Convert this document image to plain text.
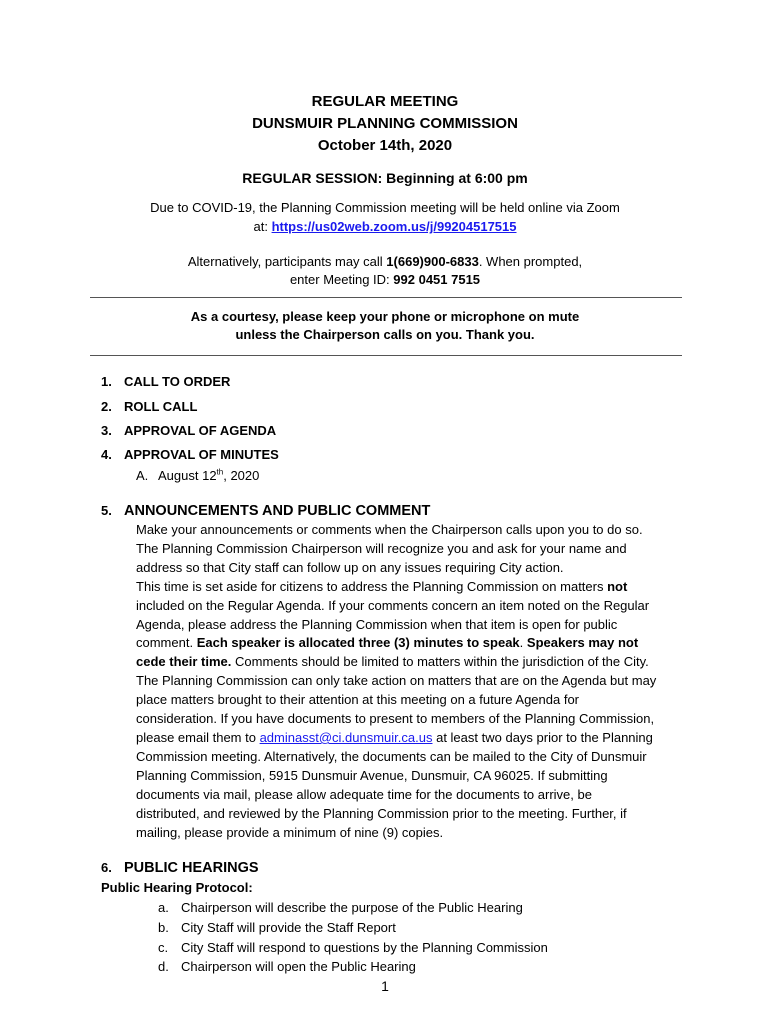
REGULAR MEETING
DUNSMUIR PLANNING COMMISSION
October 14th, 2020
REGULAR SESSION: Beginning at 6:00 pm
Due to COVID-19, the Planning Commission meeting will be held online via Zoom
at: https://us02web.zoom.us/j/99204517515
Alternatively, participants may call 1(669)900-6833. When prompted,
enter Meeting ID: 992 0451 7515
As a courtesy, please keep your phone or microphone on mute
unless the Chairperson calls on you. Thank you.
1. CALL TO ORDER
2. ROLL CALL
3. APPROVAL OF AGENDA
4. APPROVAL OF MINUTES
A. August 12th, 2020
5. ANNOUNCEMENTS AND PUBLIC COMMENT
Make your announcements or comments when the Chairperson calls upon you to do so.
The Planning Commission Chairperson will recognize you and ask for your name and
address so that City staff can follow up on any issues requiring City action.
This time is set aside for citizens to address the Planning Commission on matters not
included on the Regular Agenda. If your comments concern an item noted on the Regular
Agenda, please address the Planning Commission when that item is open for public
comment. Each speaker is allocated three (3) minutes to speak. Speakers may not
cede their time. Comments should be limited to matters within the jurisdiction of the City.
The Planning Commission can only take action on matters that are on the Agenda but may
place matters brought to their attention at this meeting on a future Agenda for
consideration. If you have documents to present to members of the Planning Commission,
please email them to adminasst@ci.dunsmuir.ca.us at least two days prior to the Planning
Commission meeting. Alternatively, the documents can be mailed to the City of Dunsmuir
Planning Commission, 5915 Dunsmuir Avenue, Dunsmuir, CA 96025. If submitting
documents via mail, please allow adequate time for the documents to arrive, be
distributed, and reviewed by the Planning Commission prior to the meeting. Further, if
mailing, please provide a minimum of nine (9) copies.
6. PUBLIC HEARINGS
Public Hearing Protocol:
a. Chairperson will describe the purpose of the Public Hearing
b. City Staff will provide the Staff Report
c. City Staff will respond to questions by the Planning Commission
d. Chairperson will open the Public Hearing
1
